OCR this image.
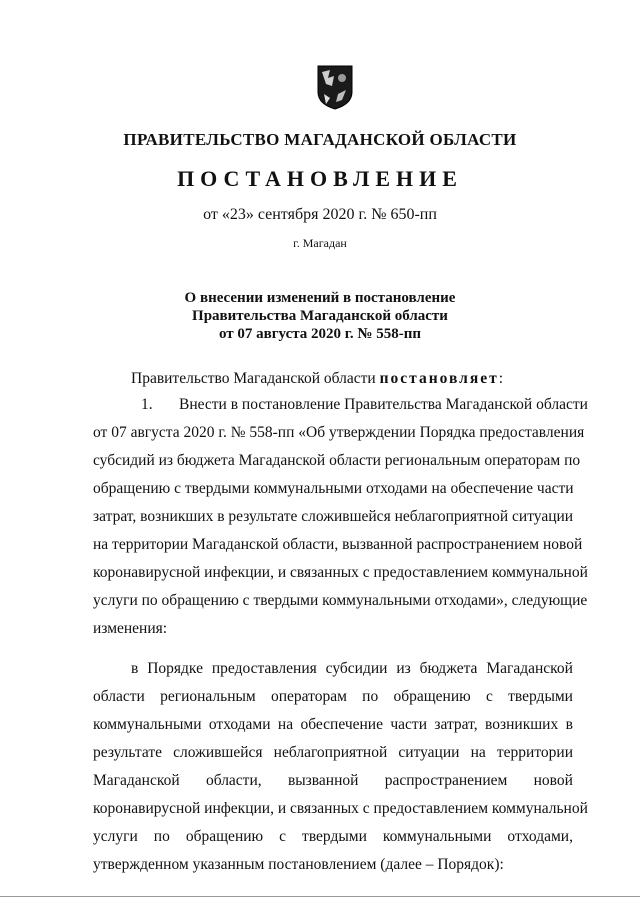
ПРАВИТЕЛЬСТВО МАГАДАНСКОЙ ОБЛАСТИ
ПОСТАНОВЛЕНИЕ
от «23» сентября 2020 г. № 650-пп
г. Магадан
О внесении изменений в постановление
Правительства Магаданской области
от 07 августа 2020 г. № 558-пп
Правительство Магаданской области постановляет:
1. Внести в постановление Правительства Магаданской области
от 07 августа 2020 г. № 558-пп «Об утверждении Порядка предоставления
субсидий из бюджета Магаданской области региональным операторам по
обращению с твердыми коммунальными отходами на обеспечение части
затрат, возникших в результате сложившейся неблагоприятной ситуации
на территории Магаданской области, вызванной распространением новой
коронавирусной инфекции, и связанных с предоставлением коммунальной
услуги по обращению с твердыми коммунальными отходами», следующие
изменения:
в Порядке предоставления субсидии из бюджета Магаданской
области региональным операторам по обращению с твердыми
коммунальными отходами на обеспечение части затрат, возникших в
результате сложившейся неблагоприятной ситуации на территории
Магаданской области, вызванной распространением новой
коронавирусной инфекции, и связанных с предоставлением коммунальной
услуги по обращению с твердыми коммунальными отходами,
утвержденном указанным постановлением (далее – Порядок):
